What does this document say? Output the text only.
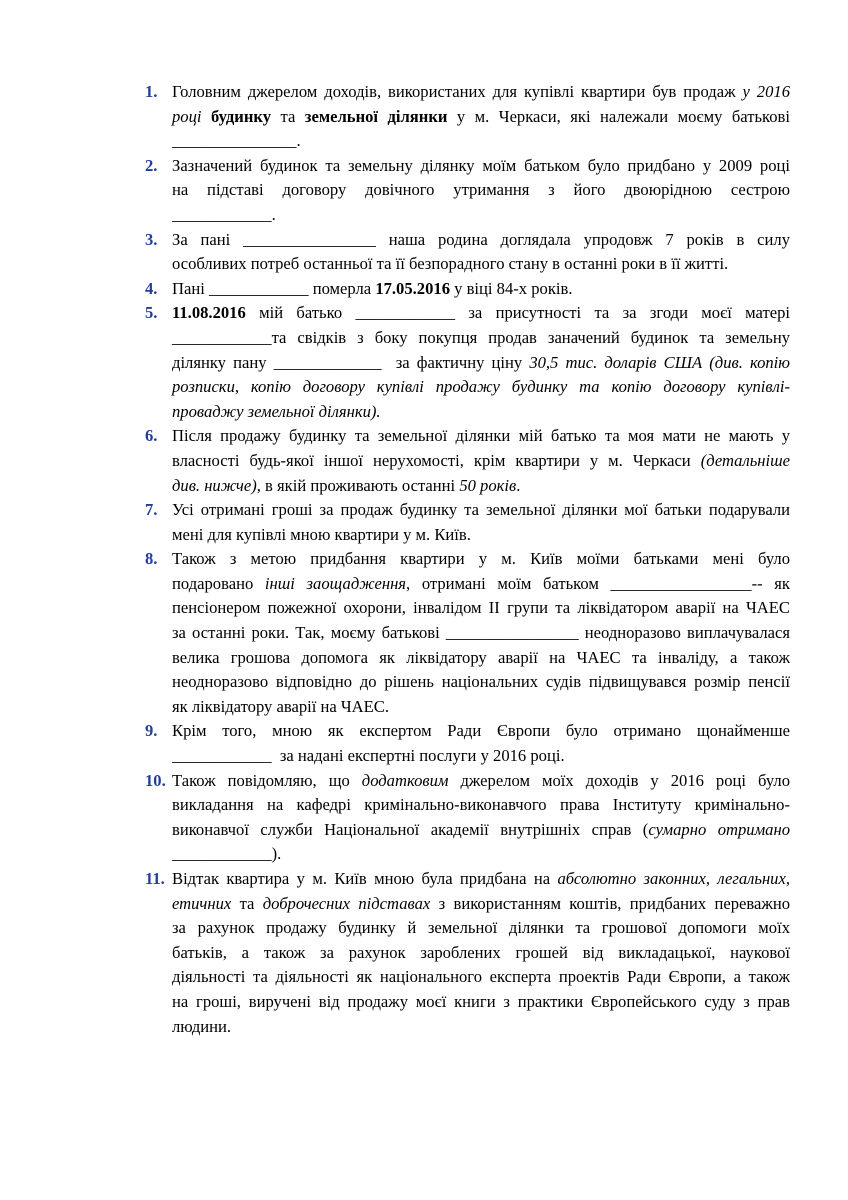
1. Головним джерелом доходів, використаних для купівлі квартири був продаж у 2016
році будинку та земельної ділянки у м. Черкаси, які належали моєму батькові
_______________.
2. Зазначений будинок та земельну ділянку моїм батьком було придбано у 2009 році
на підставі договору довічного утримання з його двоюрідною сестрою
____________.
3. За пані ________________ наша родина доглядала упродовж 7 років в силу
особливих потреб останньої та її безпорадного стану в останні роки в її житті.
4. Пані ____________ померла 17.05.2016 у віці 84-х років.
5. 11.08.2016 мій батько ____________ за присутності та за згоди моєї матері
____________та свідків з боку покупця продав заначений будинок та земельну
ділянку пану _____________  за фактичну ціну 30,5 тис. доларів США (див. копію
розписки, копію договору купівлі продажу будинку та копію договору купівлі-
проваджу земельної ділянки).
6. Після продажу будинку та земельної ділянки мій батько та моя мати не мають у
власності будь-якої іншої нерухомості, крім квартири у м. Черкаси (детальніше
див. нижче), в якій проживають останні 50 років.
7. Усі отримані гроші за продаж будинку та земельної ділянки мої батьки подарували
мені для купівлі мною квартири у м. Київ.
8. Також з метою придбання квартири у м. Київ моїми батьками мені було
подаровано інші заощадження, отримані моїм батьком _________________-- як
пенсіонером пожежної охорони, інвалідом ІІ групи та ліквідатором аварії на ЧАЕС
за останні роки. Так, моєму батькові ________________ неодноразово виплачувалася
велика грошова допомога як ліквідатору аварії на ЧАЕС та інваліду, а також
неодноразово відповідно до рішень національних судів підвищувався розмір пенсії
як ліквідатору аварії на ЧАЕС.
9. Крім того, мною як експертом Ради Європи було отримано щонайменше
____________  за надані експертні послуги у 2016 році.
10. Також повідомляю, що додатковим джерелом моїх доходів у 2016 році було
викладання на кафедрі кримінально-виконавчого права Інституту кримінально-
виконавчої служби Національної академії внутрішніх справ (сумарно отримано
____________).
11. Відтак квартира у м. Київ мною була придбана на абсолютно законних, легальних,
етичних та доброчесних підставах з використанням коштів, придбаних переважно
за рахунок продажу будинку й земельної ділянки та грошової допомоги моїх
батьків, а також за рахунок зароблених грошей від викладацької, наукової
діяльності та діяльності як національного експерта проектів Ради Європи, а також
на гроші, виручені від продажу моєї книги з практики Європейського суду з прав
людини.
